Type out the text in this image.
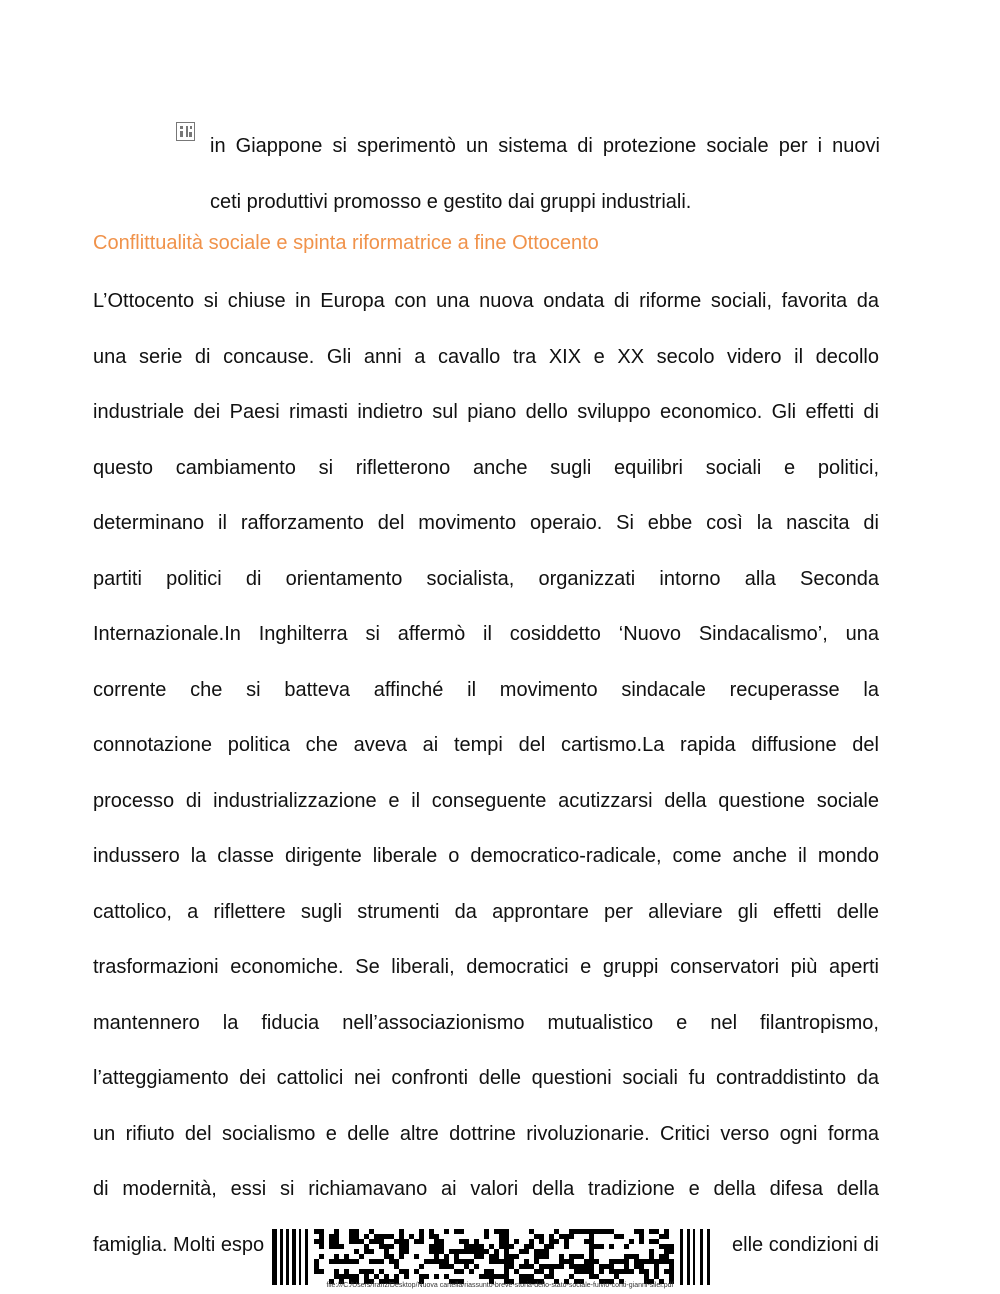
in Giappone si sperimentò un sistema di protezione sociale per i nuovi
ceti produttivi promosso e gestito dai gruppi industriali.
Conflittualità sociale e spinta riformatrice a fine Ottocento
L’Ottocento si chiuse in Europa con una nuova ondata di riforme sociali, favorita da
una serie di concause. Gli anni a cavallo tra XIX e XX secolo videro il decollo
industriale dei Paesi rimasti indietro sul piano dello sviluppo economico. Gli effetti di
questo cambiamento si rifletterono anche sugli equilibri sociali e politici,
determinano il rafforzamento del movimento operaio. Si ebbe così la nascita di
partiti politici di orientamento socialista, organizzati intorno alla Seconda
Internazionale.In Inghilterra si affermò il cosiddetto ‘Nuovo Sindacalismo’, una
corrente che si batteva affinché il movimento sindacale recuperasse la
connotazione politica che aveva ai tempi del cartismo.La rapida diffusione del
processo di industrializzazione e il conseguente acutizzarsi della questione sociale
indussero la classe dirigente liberale o democratico-radicale, come anche il mondo
cattolico, a riflettere sugli strumenti da approntare per alleviare gli effetti delle
trasformazioni economiche. Se liberali, democratici e gruppi conservatori più aperti
mantennero la fiducia nell’associazionismo mutualistico e nel filantropismo,
l’atteggiamento dei cattolici nei confronti delle questioni sociali fu contraddistinto da
un rifiuto del socialismo e delle altre dottrine rivoluzionarie. Critici verso ogni forma
di modernità, essi si richiamavano ai valori della tradizione e della difesa della
famiglia. Molti espo	elle condizioni di
file:///C:/Users/franz/Desktop/Nuova cartella/riassunto-breve-storia-dello-stato-sociale-fulvio-conti-gianni-silei.pdf
